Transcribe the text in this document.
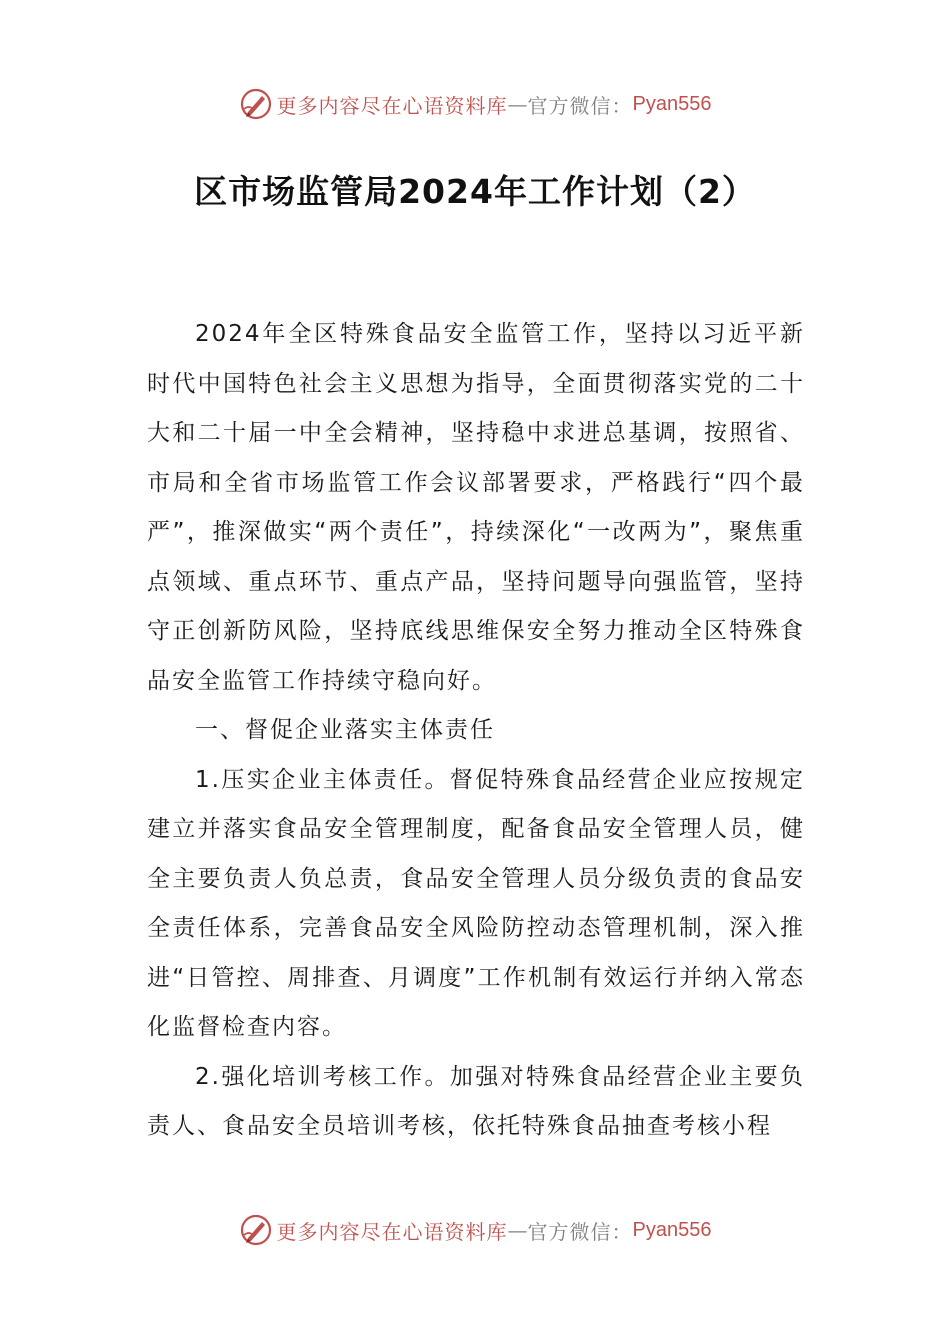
更多内容尽在心语资料库 — 官方微信： Pyan556
区市场监管局2024年工作计划（2）

2024年全区特殊食品安全监管工作，坚持以习近平新时代中国特色社会主义思想为指导，全面贯彻落实党的二十大和二十届一中全会精神，坚持稳中求进总基调，按照省、市局和全省市场监管工作会议部署要求，严格践行“四个最严”，推深做实“两个责任”，持续深化“一改两为”，聚焦重点领域、重点环节、重点产品，坚持问题导向强监管，坚持守正创新防风险，坚持底线思维保安全努力推动全区特殊食品安全监管工作持续守稳向好。

一、督促企业落实主体责任

1.压实企业主体责任。督促特殊食品经营企业应按规定建立并落实食品安全管理制度，配备食品安全管理人员，健全主要负责人负总责，食品安全管理人员分级负责的食品安全责任体系，完善食品安全风险防控动态管理机制，深入推进“日管控、周排查、月调度”工作机制有效运行并纳入常态化监督检查内容。

2.强化培训考核工作。加强对特殊食品经营企业主要负责人、食品安全员培训考核，依托特殊食品抽查考核小程

更多内容尽在心语资料库 — 官方微信： Pyan556
